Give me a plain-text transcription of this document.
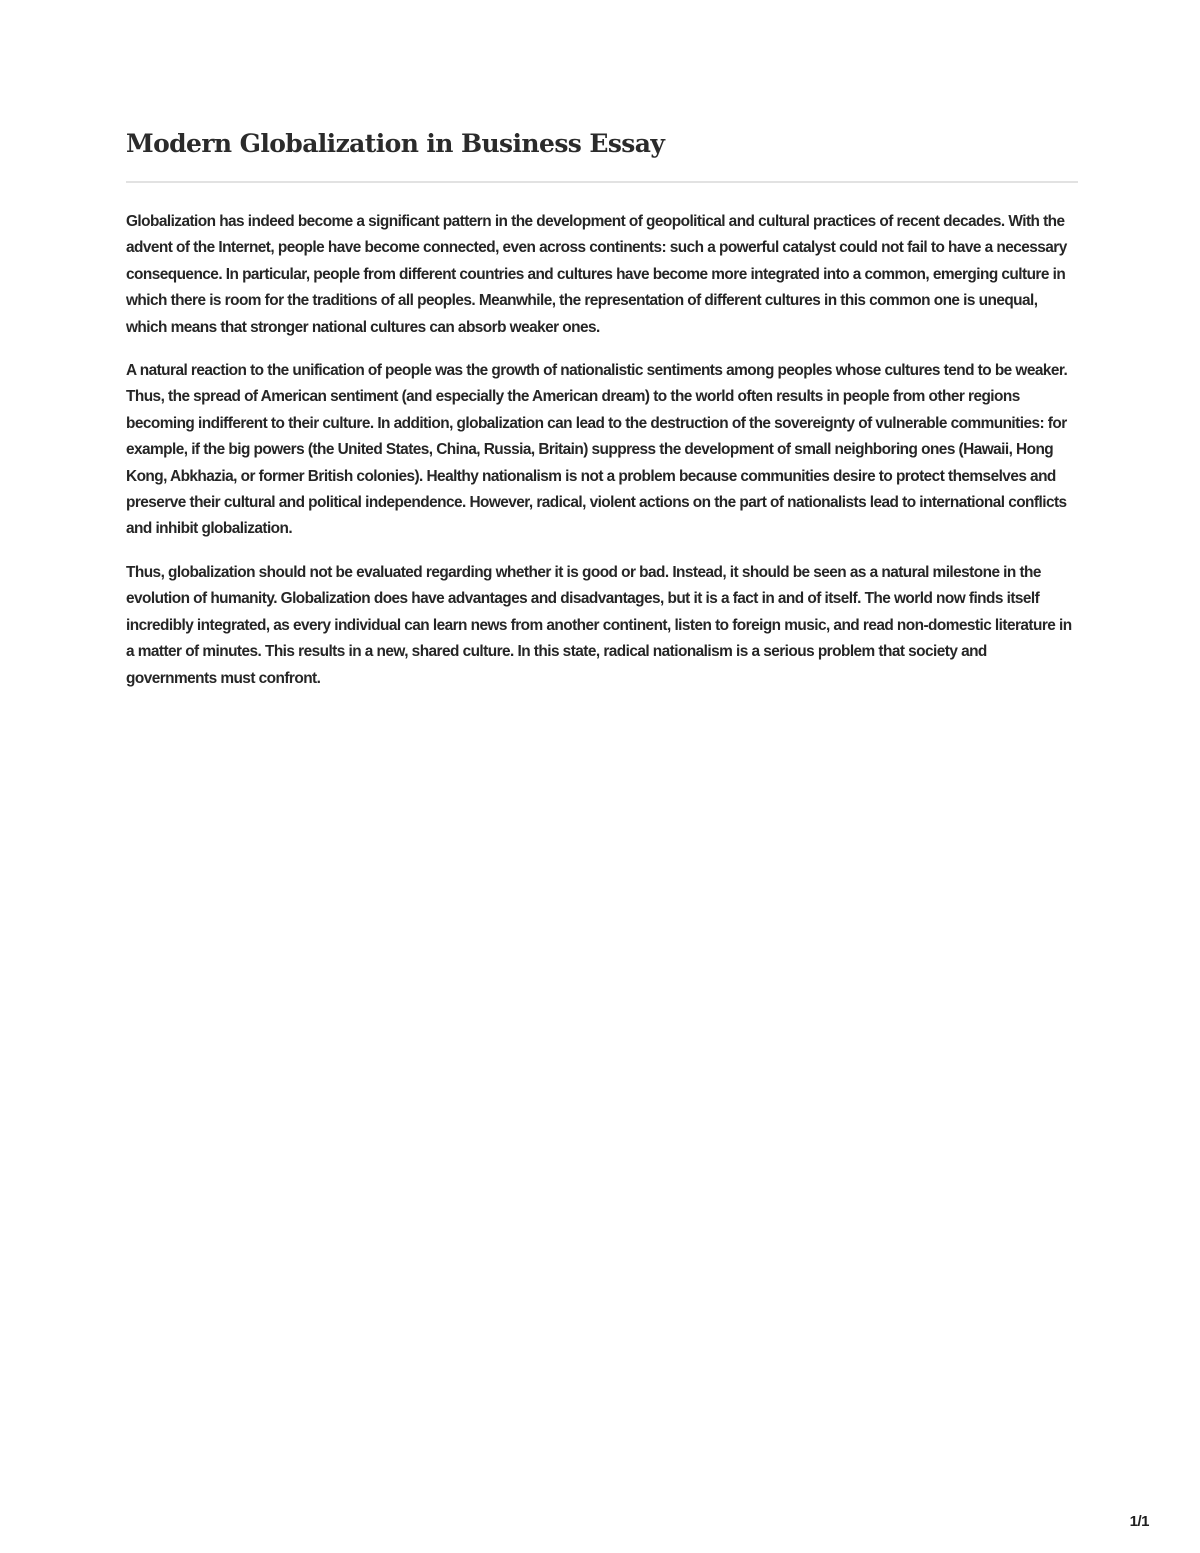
Modern Globalization in Business Essay

Globalization has indeed become a significant pattern in the development of geopolitical and cultural practices of recent decades. With the advent of the Internet, people have become connected, even across continents: such a powerful catalyst could not fail to have a necessary consequence. In particular, people from different countries and cultures have become more integrated into a common, emerging culture in which there is room for the traditions of all peoples. Meanwhile, the representation of different cultures in this common one is unequal, which means that stronger national cultures can absorb weaker ones.

A natural reaction to the unification of people was the growth of nationalistic sentiments among peoples whose cultures tend to be weaker. Thus, the spread of American sentiment (and especially the American dream) to the world often results in people from other regions becoming indifferent to their culture. In addition, globalization can lead to the destruction of the sovereignty of vulnerable communities: for example, if the big powers (the United States, China, Russia, Britain) suppress the development of small neighboring ones (Hawaii, Hong Kong, Abkhazia, or former British colonies). Healthy nationalism is not a problem because communities desire to protect themselves and preserve their cultural and political independence. However, radical, violent actions on the part of nationalists lead to international conflicts and inhibit globalization.

Thus, globalization should not be evaluated regarding whether it is good or bad. Instead, it should be seen as a natural milestone in the evolution of humanity. Globalization does have advantages and disadvantages, but it is a fact in and of itself. The world now finds itself incredibly integrated, as every individual can learn news from another continent, listen to foreign music, and read non-domestic literature in a matter of minutes. This results in a new, shared culture. In this state, radical nationalism is a serious problem that society and governments must confront.

1/1
